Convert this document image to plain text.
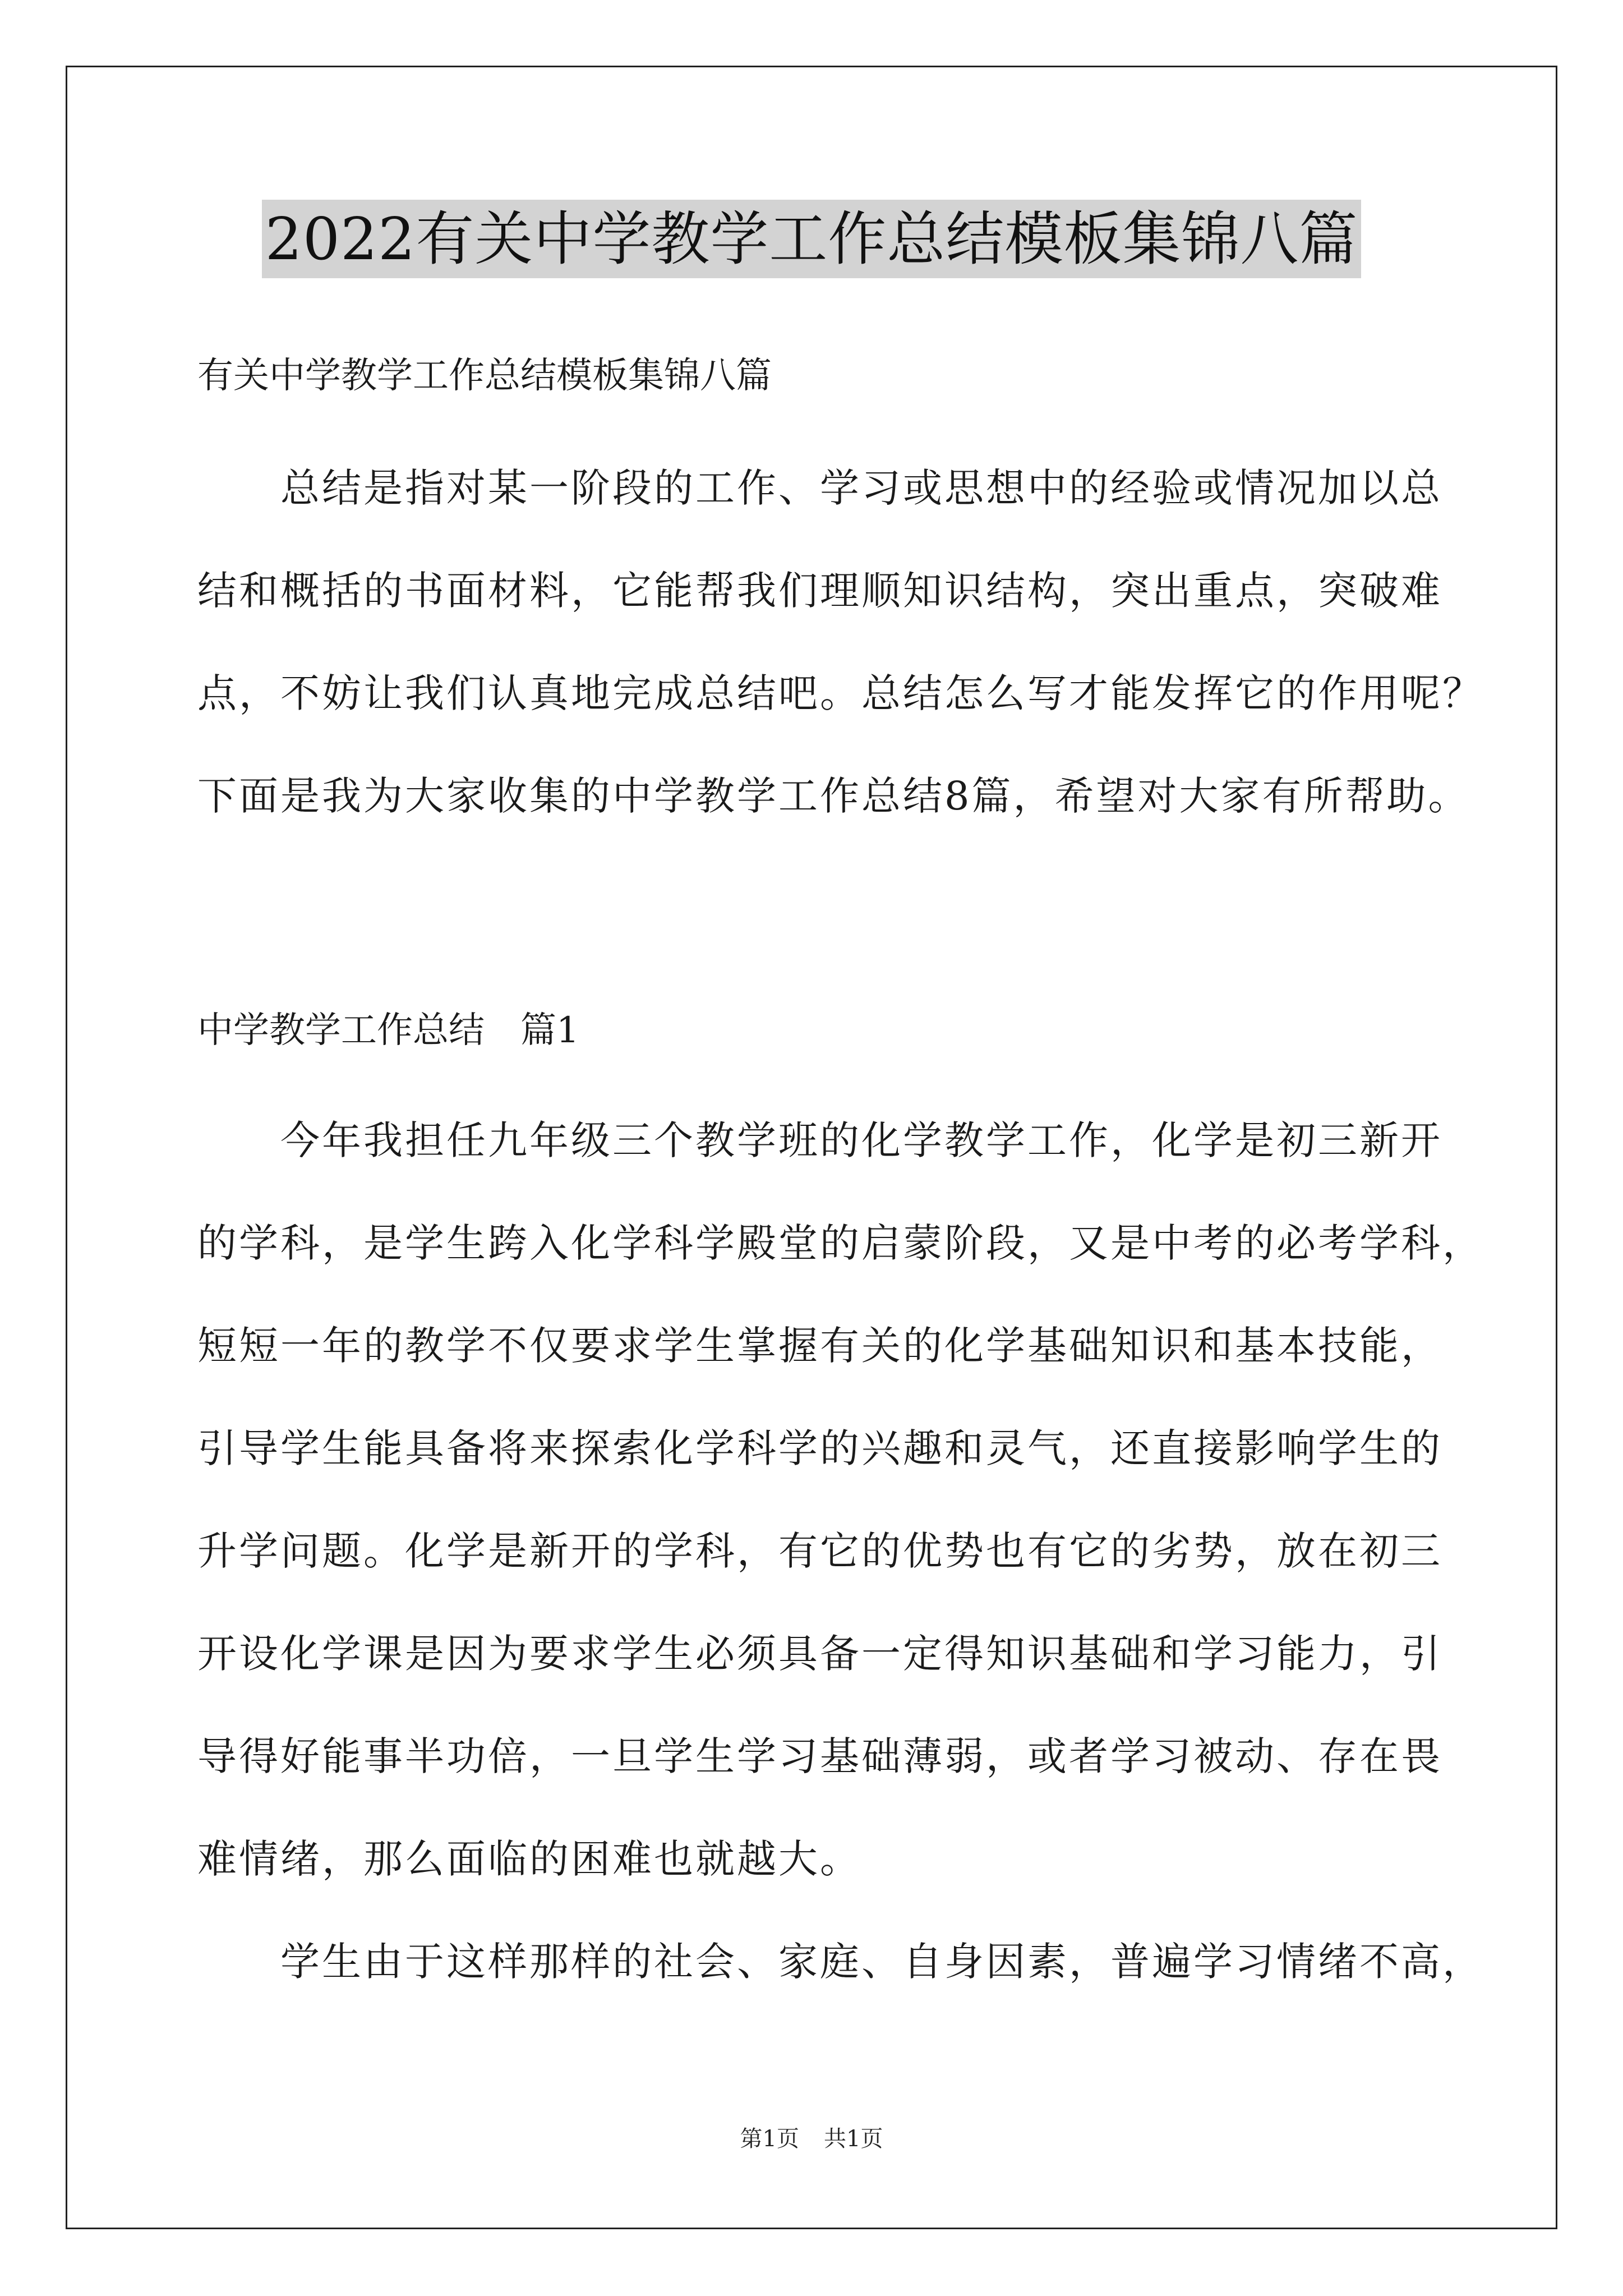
2022有关中学教学工作总结模板集锦八篇
有关中学教学工作总结模板集锦八篇
　　总结是指对某一阶段的工作、学习或思想中的经验或情况加以总
结和概括的书面材料，它能帮我们理顺知识结构，突出重点，突破难
点，不妨让我们认真地完成总结吧。总结怎么写才能发挥它的作用呢？
下面是我为大家收集的中学教学工作总结8篇，希望对大家有所帮助。
中学教学工作总结　篇1
　　今年我担任九年级三个教学班的化学教学工作，化学是初三新开
的学科，是学生跨入化学科学殿堂的启蒙阶段，又是中考的必考学科，
短短一年的教学不仅要求学生掌握有关的化学基础知识和基本技能，
引导学生能具备将来探索化学科学的兴趣和灵气，还直接影响学生的
升学问题。化学是新开的学科，有它的优势也有它的劣势，放在初三
开设化学课是因为要求学生必须具备一定得知识基础和学习能力，引
导得好能事半功倍，一旦学生学习基础薄弱，或者学习被动、存在畏
难情绪，那么面临的困难也就越大。
　　学生由于这样那样的社会、家庭、自身因素，普遍学习情绪不高，
第1页 共1页
